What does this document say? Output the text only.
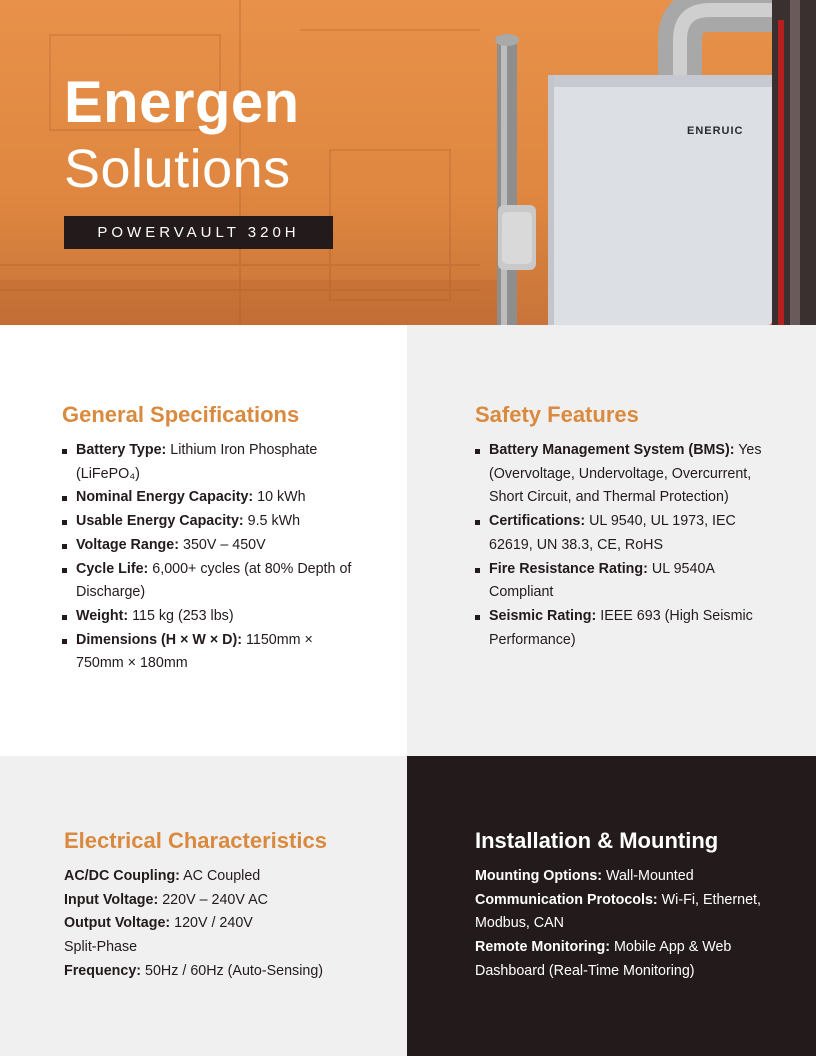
Energen
Solutions
POWERVAULT 320H
ENERUIC
General Specifications
Battery Type: Lithium Iron Phosphate (LiFePO₄)
Nominal Energy Capacity: 10 kWh
Usable Energy Capacity: 9.5 kWh
Voltage Range: 350V – 450V
Cycle Life: 6,000+ cycles (at 80% Depth of Discharge)
Weight: 115 kg (253 lbs)
Dimensions (H × W × D): 1150mm × 750mm × 180mm
Safety Features
Battery Management System (BMS): Yes (Overvoltage, Undervoltage, Overcurrent, Short Circuit, and Thermal Protection)
Certifications: UL 9540, UL 1973, IEC 62619, UN 38.3, CE, RoHS
Fire Resistance Rating: UL 9540A Compliant
Seismic Rating: IEEE 693 (High Seismic Performance)
Electrical Characteristics
AC/DC Coupling: AC Coupled
Input Voltage: 220V – 240V AC
Output Voltage: 120V / 240V Split-Phase
Frequency: 50Hz / 60Hz (Auto-Sensing)
Installation & Mounting
Mounting Options: Wall-Mounted
Communication Protocols: Wi-Fi, Ethernet, Modbus, CAN
Remote Monitoring: Mobile App & Web Dashboard (Real-Time Monitoring)
